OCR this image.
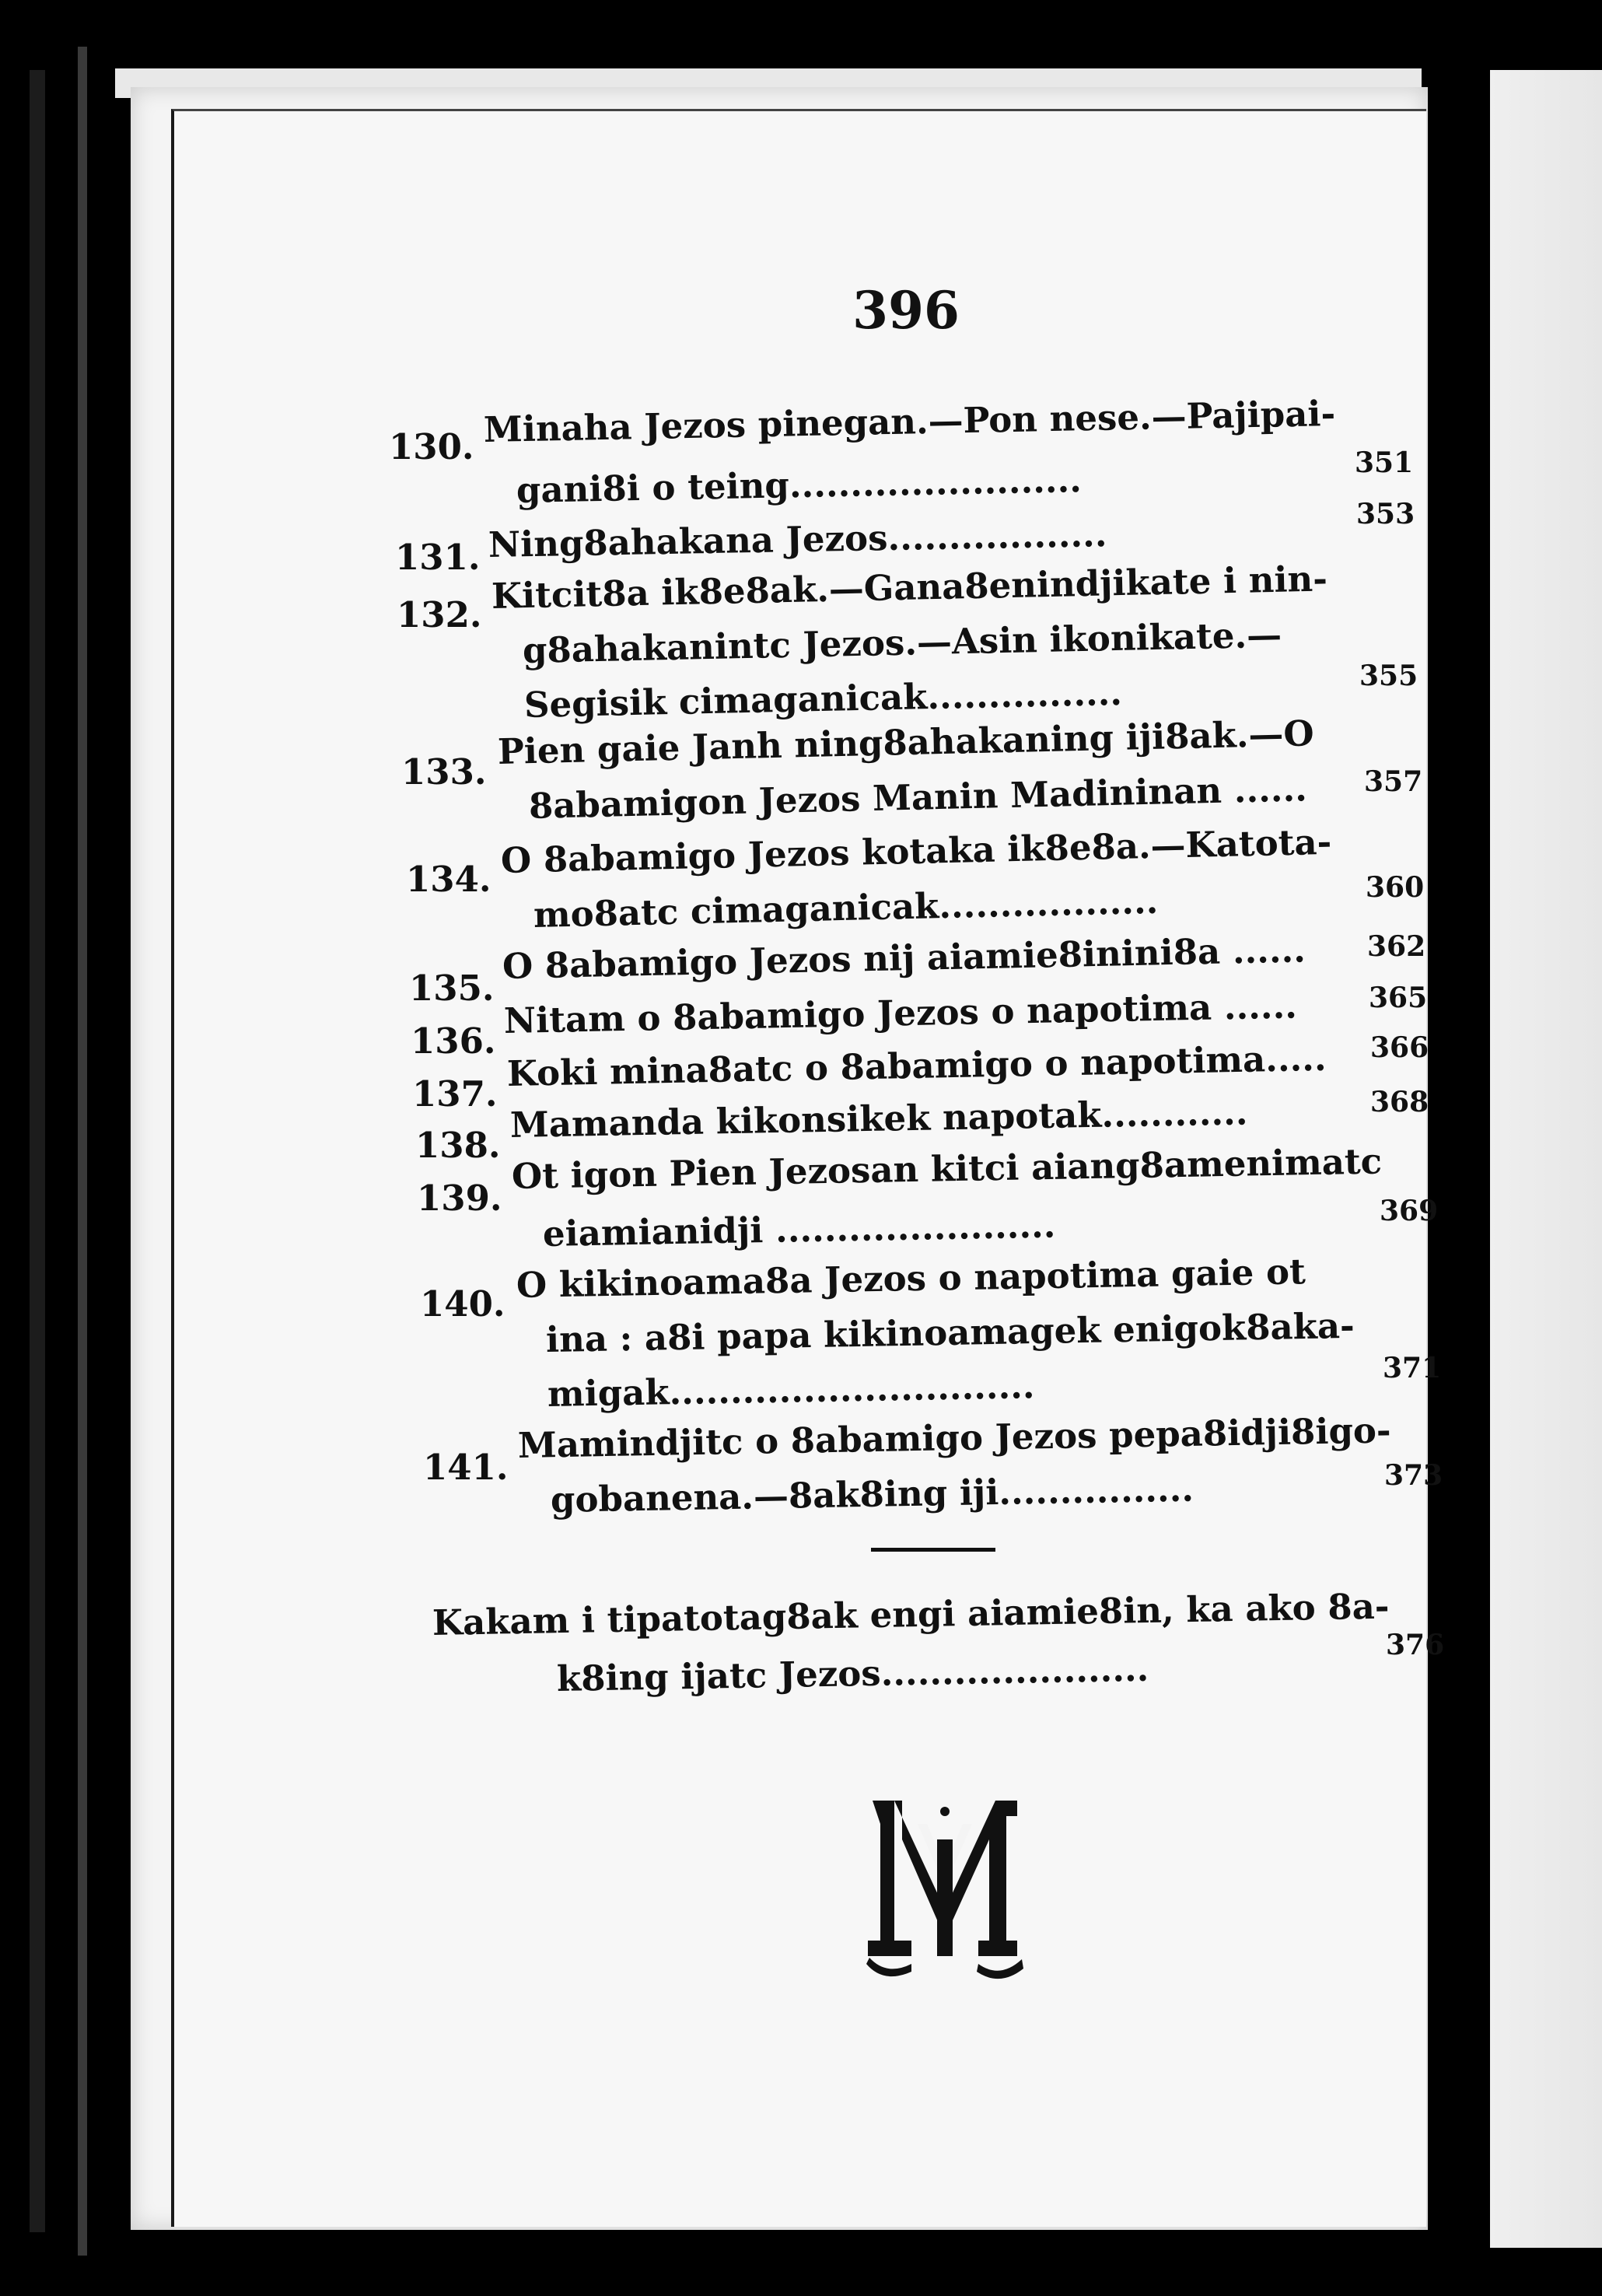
396
130. Minaha Jezos pinegan.—Pon nese.—Pajipai-
gani8i o teing........................	351
131. Ning8ahakana Jezos..................	353
132. Kitcit8a ik8e8ak.—Gana8enindjikate i nin-
g8ahakanintc Jezos.—Asin ikonikate.—
Segisik cimaganicak................	355
133. Pien gaie Janh ning8ahakaning iji8ak.—O
8abamigon Jezos Manin Madininan ...... 357
134. O 8abamigo Jezos kotaka ik8e8a.—Katota-
mo8atc cimaganicak..................	360
135.
O 8abamigo Jezos nij aiamie8inini8a ...... 362
136. Nitam o 8abamigo Jezos o napotima ......	365
137. Koki mina8atc o 8abamigo o napotima..... 366
138. Mamanda kikonsikek napotak............	368
139.
Ot igon Pien Jezosan kitci aiang8amenimatc
eiamianidji .......................	369
140. O kikinoama8a Jezos o napotima gaie ot
ina : a8i papa kikinoamagek enigok8aka-
migak..............................	371
141.
Mamindjitc o 8abamigo Jezos pepa8idji8igo-
gobanena.—8ak8ing iji................	373
Kakam i tipatotag8ak engi aiamie8in, ka ako 8a-
k8ing ijatc Jezos......................
376
